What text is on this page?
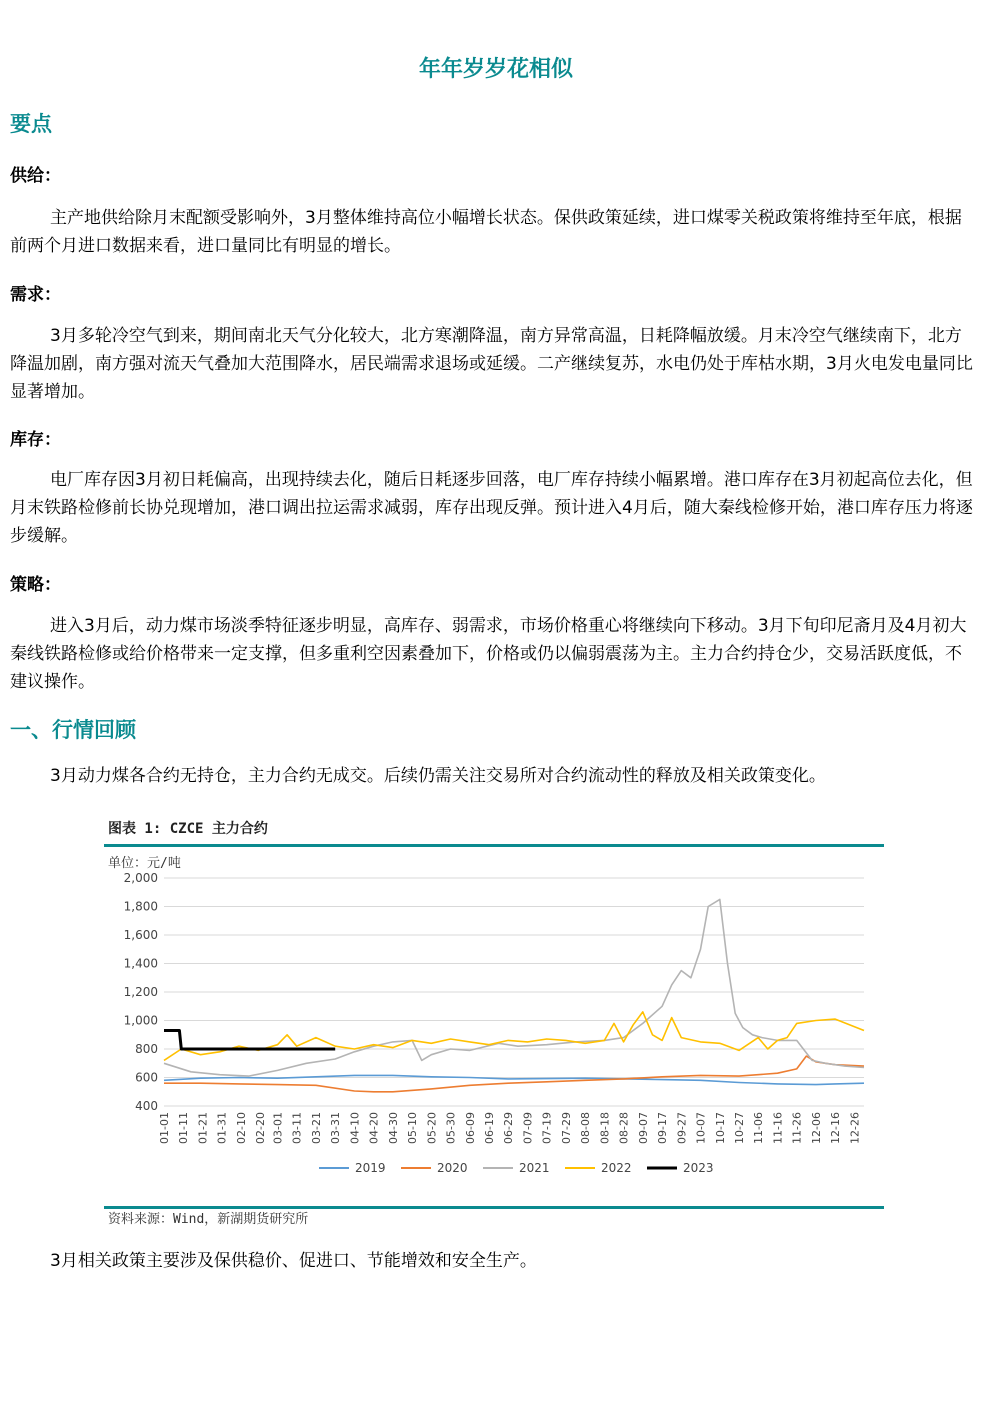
年年岁岁花相似
要点
供给：
主产地供给除月末配额受影响外，3月整体维持高位小幅增长状态。保供政策延续，进口煤零关税政策将维持至年底，根据前两个月进口数据来看，进口量同比有明显的增长。
需求：
3月多轮冷空气到来，期间南北天气分化较大，北方寒潮降温，南方异常高温，日耗降幅放缓。月末冷空气继续南下，北方降温加剧，南方强对流天气叠加大范围降水，居民端需求退场或延缓。二产继续复苏，水电仍处于库枯水期，3月火电发电量同比显著增加。
库存：
电厂库存因3月初日耗偏高，出现持续去化，随后日耗逐步回落，电厂库存持续小幅累增。港口库存在3月初起高位去化，但月末铁路检修前长协兑现增加，港口调出拉运需求减弱，库存出现反弹。预计进入4月后，随大秦线检修开始，港口库存压力将逐步缓解。
策略：
进入3月后，动力煤市场淡季特征逐步明显，高库存、弱需求，市场价格重心将继续向下移动。3月下旬印尼斋月及4月初大秦线铁路检修或给价格带来一定支撑，但多重利空因素叠加下，价格或仍以偏弱震荡为主。主力合约持仓少，交易活跃度低，不建议操作。
一、行情回顾
3月动力煤各合约无持仓，主力合约无成交。后续仍需关注交易所对合约流动性的释放及相关政策变化。
图表 1: CZCE 主力合约
单位：元/吨
400
600
800
1,000
1,200
1,400
1,600
1,800
2,000
01-01 01-11 01-21 01-31 02-10 02-20 03-01 03-11 03-21 03-31 04-10 04-20 04-30 05-10 05-20 05-30 06-09 06-19 06-29 07-09 07-19 07-29 08-08 08-18 08-28 09-07 09-17 09-27 10-07 10-17 10-27 11-06 11-16 11-26 12-06 12-16 12-26
2019	2020	2021	2022	2023
资料来源：Wind，新湖期货研究所
3月相关政策主要涉及保供稳价、促进口、节能增效和安全生产。
